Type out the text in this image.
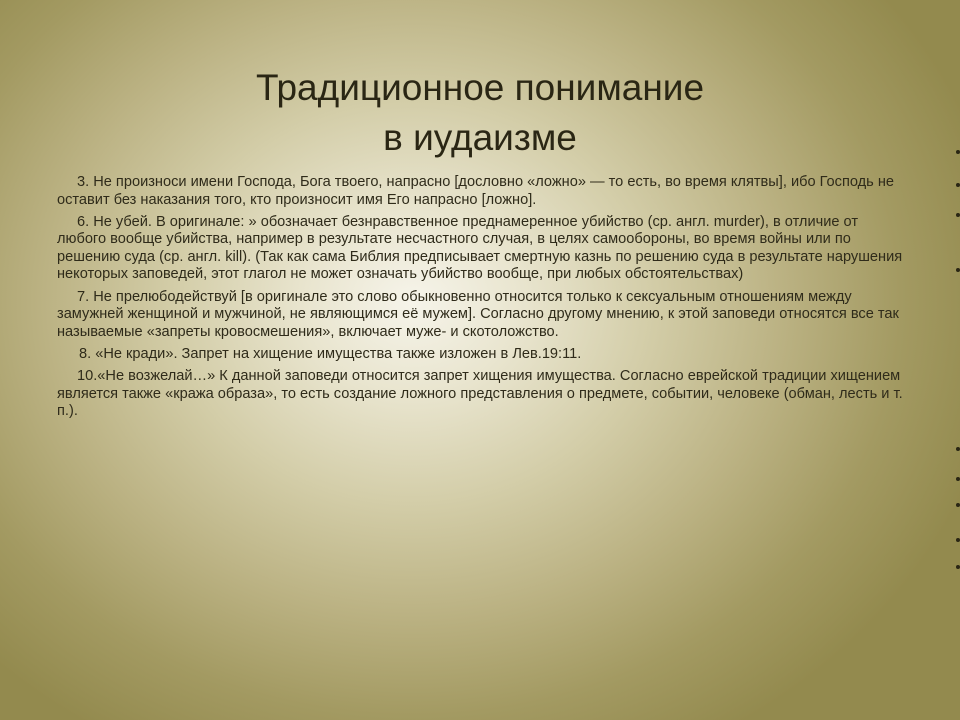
Традиционное понимание
в иудаизме

3. Не произноси имени Господа, Бога твоего, напрасно [дословно «ложно» — то есть, во время клятвы], ибо Господь не оставит без наказания того, кто произносит имя Его напрасно [ложно].

6. Не убей. В оригинале: » обозначает безнравственное преднамеренное убийство (ср. англ. murder), в отличие от любого вообще убийства, например в результате несчастного случая, в целях самообороны, во время войны или по решению суда (ср. англ. kill). (Так как сама Библия предписывает смертную казнь по решению суда в результате нарушения некоторых заповедей, этот глагол не может означать убийство вообще, при любых обстоятельствах)

7. Не прелюбодействуй [в оригинале это слово обыкновенно относится только к сексуальным отношениям между замужней женщиной и мужчиной, не являющимся её мужем]. Согласно другому мнению, к этой заповеди относятся все так называемые «запреты кровосмешения», включает муже- и скотоложство.

8. «Не кради». Запрет на хищение имущества также изложен в Лев.19:11.

10.«Не возжелай…» К данной заповеди относится запрет хищения имущества. Согласно еврейской традиции хищением является также «кража образа», то есть создание ложного представления о предмете, событии, человеке (обман, лесть и т. п.).
